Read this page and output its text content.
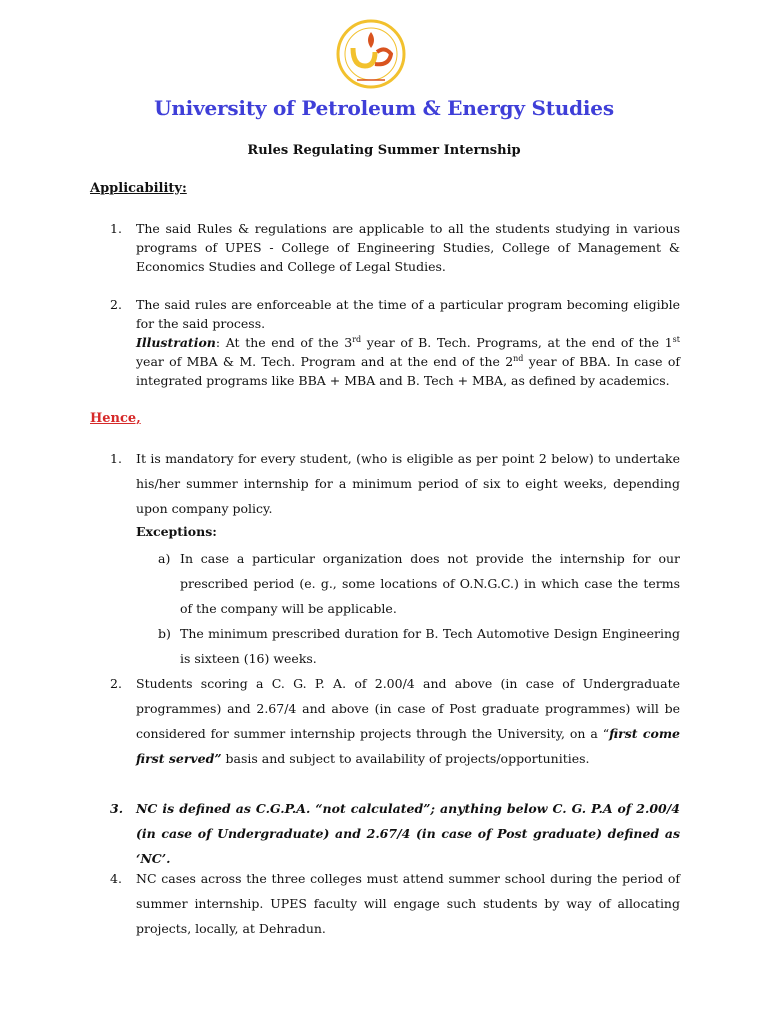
University of Petroleum & Energy Studies
Rules Regulating Summer Internship
Applicability:
1.	The said Rules & regulations are applicable to all the students studying in various programs of UPES - College of Engineering Studies, College of Management & Economics Studies and College of Legal Studies.
2.	The said rules are enforceable at the time of a particular program becoming eligible for the said process.
Illustration: At the end of the 3rd year of B. Tech. Programs, at the end of the 1st year of MBA & M. Tech. Program and at the end of the 2nd year of BBA. In case of integrated programs like BBA + MBA and B. Tech + MBA, as defined by academics.
Hence,
1.	It is mandatory for every student, (who is eligible as per point 2 below) to undertake his/her summer internship for a minimum period of six to eight weeks, depending upon company policy.
Exceptions:
a) In case a particular organization does not provide the internship for our prescribed period (e. g., some locations of O.N.G.C.) in which case the terms of the company will be applicable.
b) The minimum prescribed duration for B. Tech Automotive Design Engineering is sixteen (16) weeks.
2.	Students scoring a C. G. P. A. of 2.00/4 and above (in case of Undergraduate programmes) and 2.67/4 and above (in case of Post graduate programmes) will be considered for summer internship projects through the University, on a “first come first served” basis and subject to availability of projects/opportunities.
3.	NC is defined as C.G.P.A. “not calculated”; anything below C. G. P.A of 2.00/4 (in case of Undergraduate) and 2.67/4 (in case of Post graduate) defined as ‘NC’.
4.	NC cases across the three colleges must attend summer school during the period of summer internship. UPES faculty will engage such students by way of allocating projects, locally, at Dehradun.
